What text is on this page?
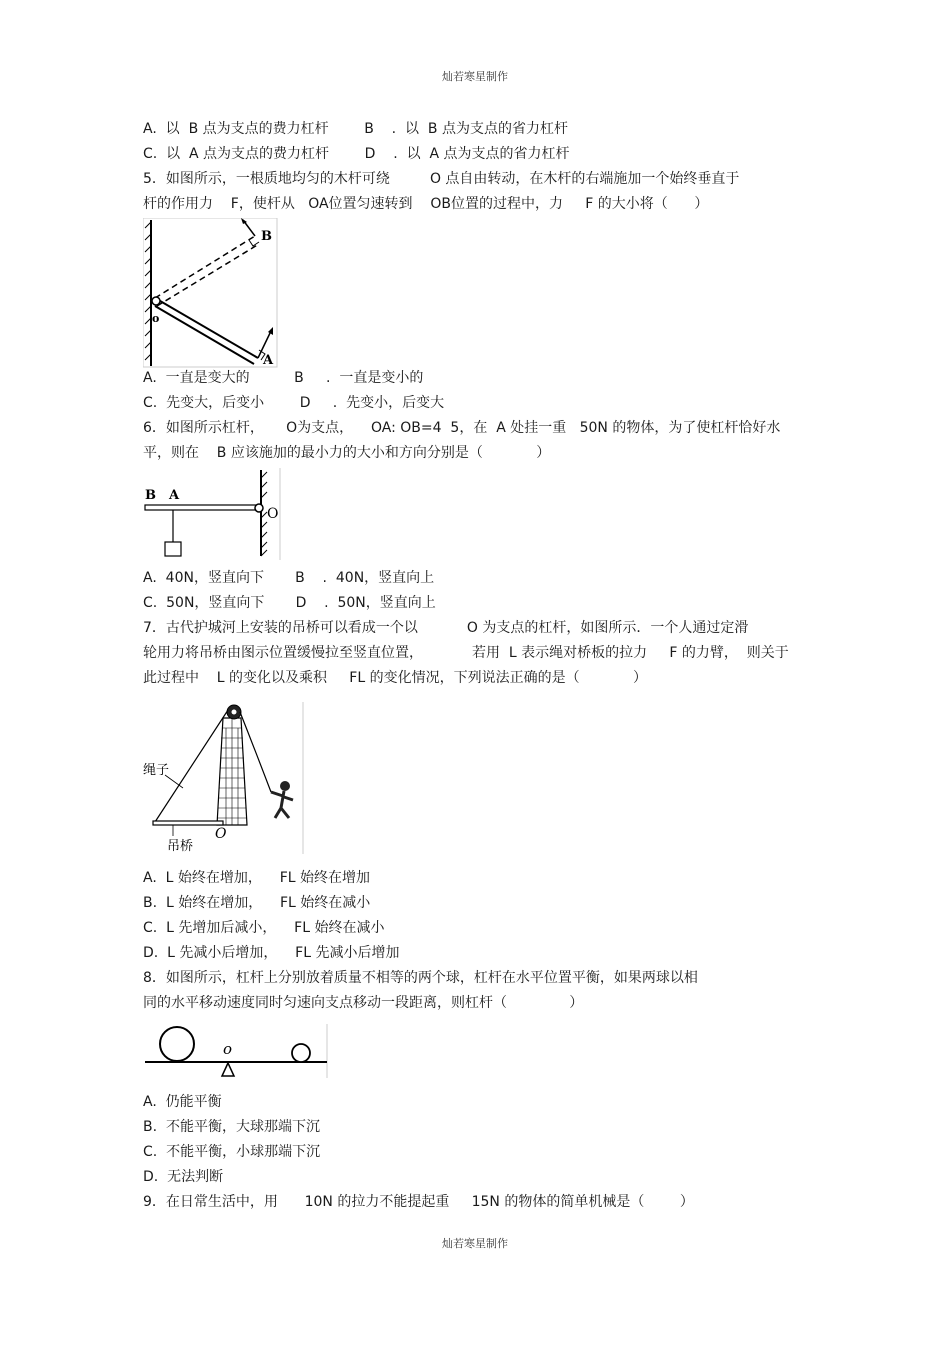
灿若寒星制作
A.  以  B 点为支点的费力杠杆        B    .  以  B 点为支点的省力杠杆
C.  以  A 点为支点的费力杠杆        D    .  以  A 点为支点的省力杠杆
5．如图所示，一根质地均匀的木杆可绕         O 点自由转动，在木杆的右端施加一个始终垂直于
杆的作用力    F，使杆从   OA位置匀速转到    OB位置的过程中，力     F 的大小将（      ）
B
o
A
A.  一直是变大的          B     .  一直是变小的
C.  先变大，后变小        D     .  先变小，后变大
6．如图所示杠杆，     O为支点，    OA: OB=4  5，在  A 处挂一重   50N 的物体，为了使杠杆恰好水
平，则在    B 应该施加的最小力的大小和方向分别是（            ）
B A
O
A.  40N，竖直向下       B    .  40N，竖直向上
C.  50N，竖直向下       D    .  50N，竖直向上
7．古代护城河上安装的吊桥可以看成一个以           O 为支点的杠杆，如图所示．一个人通过定滑
轮用力将吊桥由图示位置缓慢拉至竖直位置，           若用  L 表示绳对桥板的拉力     F 的力臂，  则关于
此过程中    L 的变化以及乘积     FL 的变化情况，下列说法正确的是（            ）
绳子
吊桥
O
A.  L 始终在增加，    FL 始终在增加
B.  L 始终在增加，    FL 始终在减小
C.  L 先增加后减小，    FL 始终在减小
D.  L 先减小后增加，    FL 先减小后增加
8．如图所示，杠杆上分别放着质量不相等的两个球，杠杆在水平位置平衡，如果两球以相
同的水平移动速度同时匀速向支点移动一段距离，则杠杆（              ）
o
A.  仍能平衡
B.  不能平衡，大球那端下沉
C.  不能平衡，小球那端下沉
D.  无法判断
9．在日常生活中，用      10N 的拉力不能提起重     15N 的物体的简单机械是（        ）
灿若寒星制作
